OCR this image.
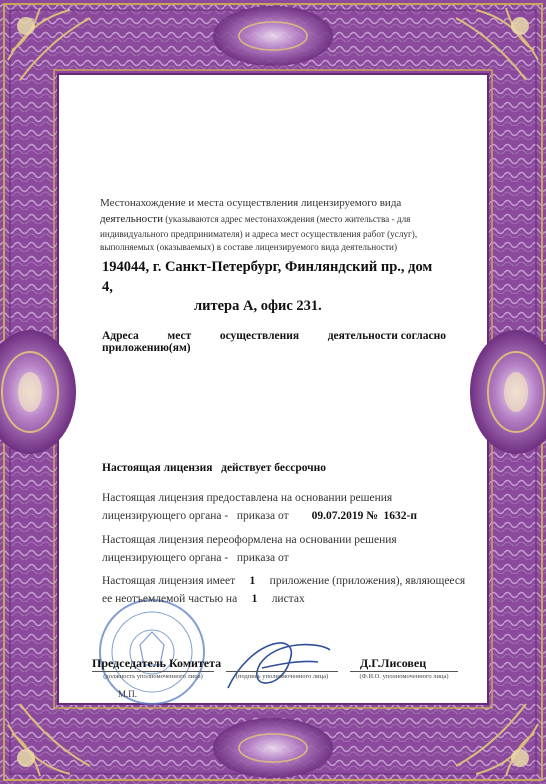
Местонахождение и места осуществления лицензируемого вида
деятельности (указываются адрес местонахождения (место жительства - для
индивидуального предпринимателя) и адреса мест осуществления работ (услуг),
выполняемых (оказываемых) в составе лицензируемого вида деятельности)
194044, г. Санкт-Петербург, Финляндский пр., дом 4,
литера А, офис 231.
Адреса мест осуществления деятельности согласно
приложению(ям)
Настоящая лицензия   действует бессрочно
Настоящая лицензия предоставлена на основании решения
лицензирующего органа -   приказа от 09.07.2019 №  1632-п
Настоящая лицензия переоформлена на основании решения
лицензирующего органа -   приказа от
Настоящая лицензия имеет 1 приложение (приложения), являющееся
ее неотъемлемой частью на 1 листах
Председатель Комитета	Д.Г.Лисовец
(должность уполномоченного лица)	(подпись уполномоченного лица)	(Ф.И.О. уполномоченного лица)
М.П.
